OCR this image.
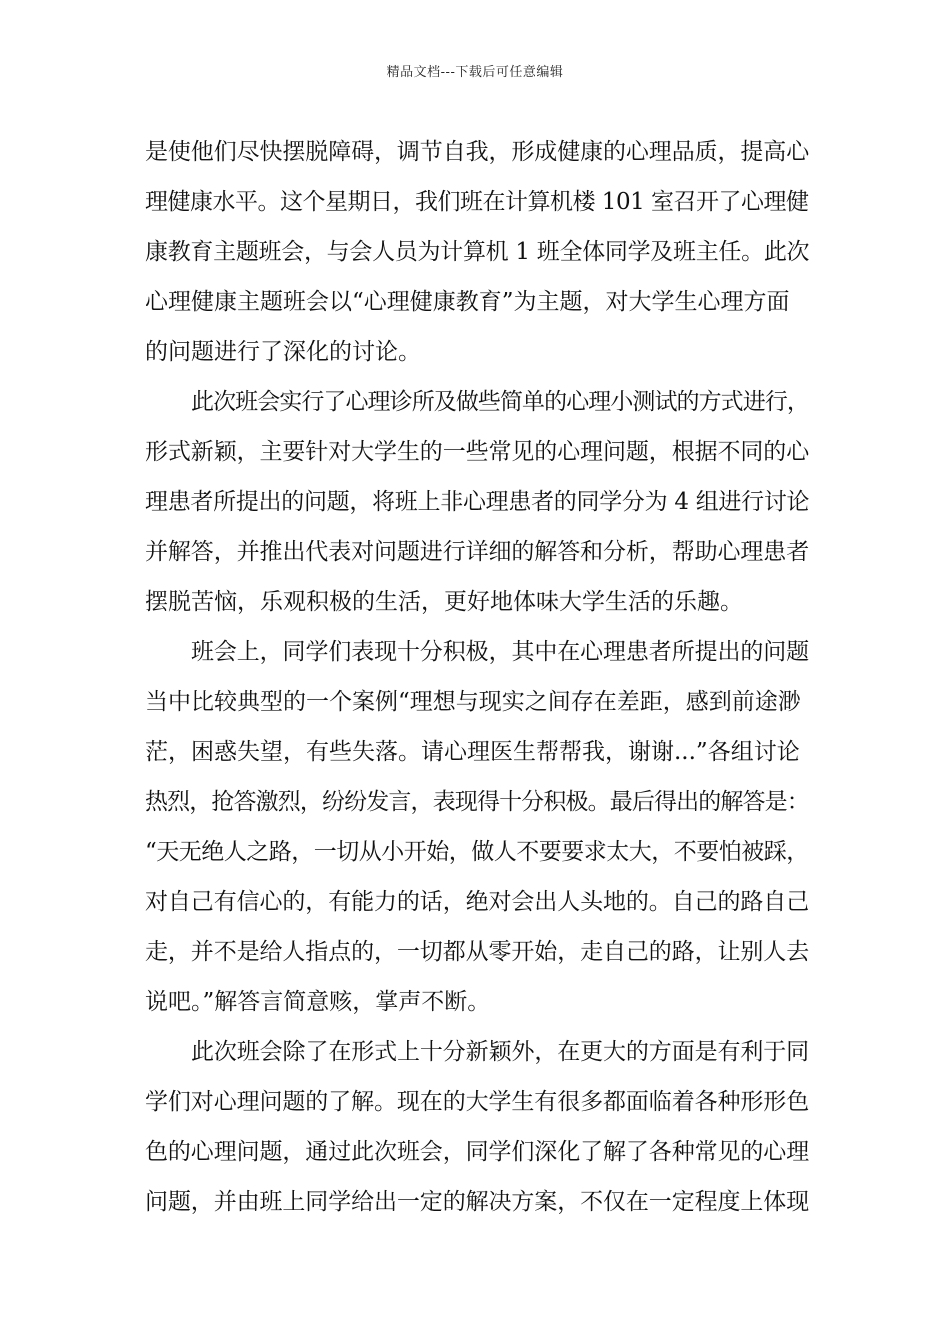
精品文档---下载后可任意编辑
是使他们尽快摆脱障碍，调节自我，形成健康的心理品质，提高心
理健康水平。这个星期日，我们班在计算机楼 101 室召开了心理健
康教育主题班会，与会人员为计算机 1 班全体同学及班主任。此次
心理健康主题班会以“心理健康教育”为主题，对大学生心理方面
的问题进行了深化的讨论。
此次班会实行了心理诊所及做些简单的心理小测试的方式进行，
形式新颖，主要针对大学生的一些常见的心理问题，根据不同的心
理患者所提出的问题，将班上非心理患者的同学分为 4 组进行讨论
并解答，并推出代表对问题进行详细的解答和分析，帮助心理患者
摆脱苦恼，乐观积极的生活，更好地体味大学生活的乐趣。
班会上，同学们表现十分积极，其中在心理患者所提出的问题
当中比较典型的一个案例“理想与现实之间存在差距，感到前途渺
茫，困惑失望，有些失落。请心理医生帮帮我，谢谢...”各组讨论
热烈，抢答激烈，纷纷发言，表现得十分积极。最后得出的解答是：
“天无绝人之路，一切从小开始，做人不要要求太大，不要怕被踩，
对自己有信心的，有能力的话，绝对会出人头地的。自己的路自己
走，并不是给人指点的，一切都从零开始，走自己的路，让别人去
说吧。”解答言简意赅，掌声不断。
此次班会除了在形式上十分新颖外，在更大的方面是有利于同
学们对心理问题的了解。现在的大学生有很多都面临着各种形形色
色的心理问题，通过此次班会，同学们深化了解了各种常见的心理
问题，并由班上同学给出一定的解决方案，不仅在一定程度上体现
